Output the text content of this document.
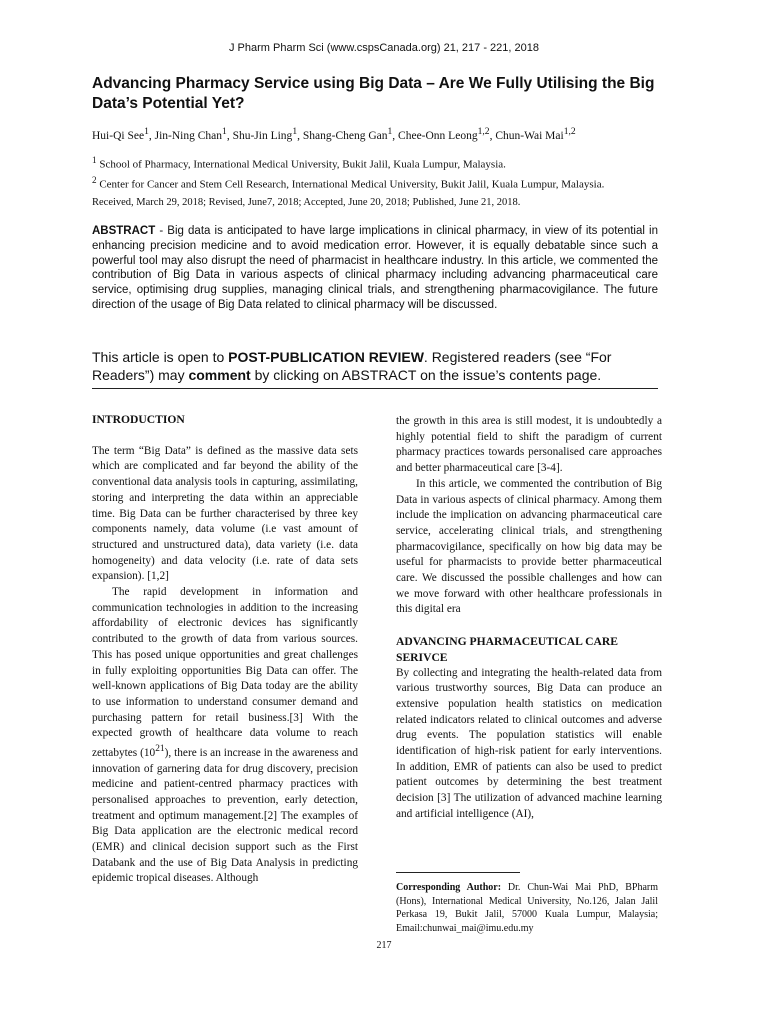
J Pharm Pharm Sci (www.cspsCanada.org) 21, 217 - 221, 2018
Advancing Pharmacy Service using Big Data – Are We Fully Utilising the Big Data’s Potential Yet?
Hui-Qi See$^1$, Jin-Ning Chan$^1$, Shu-Jin Ling$^1$, Shang-Cheng Gan$^1$, Chee-Onn Leong$^{1,2}$, Chun-Wai Mai$^{1,2}$
$^1$ School of Pharmacy, International Medical University, Bukit Jalil, Kuala Lumpur, Malaysia.
$^2$ Center for Cancer and Stem Cell Research, International Medical University, Bukit Jalil, Kuala Lumpur, Malaysia.
Received, March 29, 2018; Revised, June7, 2018; Accepted, June 20, 2018; Published, June 21, 2018.

ABSTRACT - Big data is anticipated to have large implications in clinical pharmacy, in view of its potential in enhancing precision medicine and to avoid medication error. However, it is equally debatable since such a powerful tool may also disrupt the need of pharmacist in healthcare industry. In this article, we commented the contribution of Big Data in various aspects of clinical pharmacy including advancing pharmaceutical care service, optimising drug supplies, managing clinical trials, and strengthening pharmacovigilance. The future direction of the usage of Big Data related to clinical pharmacy will be discussed.

This article is open to POST-PUBLICATION REVIEW. Registered readers (see “For Readers”) may comment by clicking on ABSTRACT on the issue’s contents page.

INTRODUCTION

The term “Big Data” is defined as the massive data sets which are complicated and far beyond the ability of the conventional data analysis tools in capturing, assimilating, storing and interpreting the data within an appreciable time. Big Data can be further characterised by three key components namely, data volume (i.e vast amount of structured and unstructured data), data variety (i.e. data homogeneity) and data velocity (i.e. rate of data sets expansion). [1,2]

The rapid development in information and communication technologies in addition to the increasing affordability of electronic devices has significantly contributed to the growth of data from various sources. This has posed unique opportunities and great challenges in fully exploiting opportunities Big Data can offer. The well-known applications of Big Data today are the ability to use information to understand consumer demand and purchasing pattern for retail business.[3] With the expected growth of healthcare data volume to reach zettabytes $(10^{21})$, there is an increase in the awareness and innovation of garnering data for drug discovery, precision medicine and patient-centred pharmacy practices with personalised approaches to prevention, early detection, treatment and optimum management.[2] The examples of Big Data application are the electronic medical record (EMR) and clinical decision support such as the First Databank and the use of Big Data Analysis in predicting epidemic tropical diseases. Although

the growth in this area is still modest, it is undoubtedly a highly potential field to shift the paradigm of current pharmacy practices towards personalised care approaches and better pharmaceutical care [3-4].

In this article, we commented the contribution of Big Data in various aspects of clinical pharmacy. Among them include the implication on advancing pharmaceutical care service, accelerating clinical trials, and strengthening pharmacovigilance, specifically on how big data may be useful for pharmacists to provide better pharmaceutical care. We discussed the possible challenges and how can we move forward with other healthcare professionals in this digital era

ADVANCING PHARMACEUTICAL CARE SERIVCE

By collecting and integrating the health-related data from various trustworthy sources, Big Data can produce an extensive population health statistics on medication related indicators related to clinical outcomes and adverse drug events. The population statistics will enable identification of high-risk patient for early interventions. In addition, EMR of patients can also be used to predict patient outcomes by determining the best treatment decision [3] The utilization of advanced machine learning and artificial intelligence (AI),

Corresponding Author: Dr. Chun-Wai Mai PhD, BPharm (Hons), International Medical University, No.126, Jalan Jalil Perkasa 19, Bukit Jalil, 57000 Kuala Lumpur, Malaysia; Email:chunwai_mai@imu.edu.my

217
